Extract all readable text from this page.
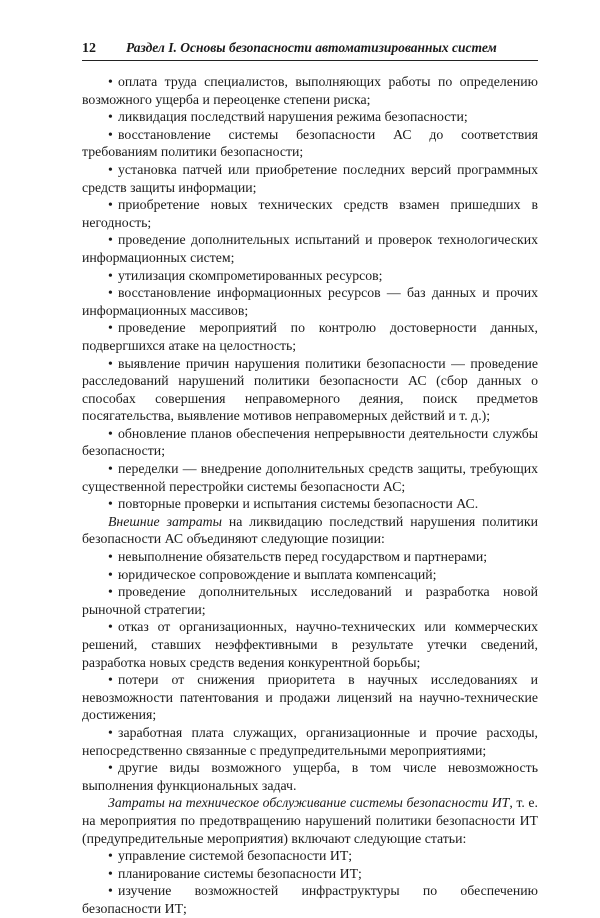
12	Раздел I. Основы безопасности автоматизированных систем

• оплата труда специалистов, выполняющих работы по определению возможного ущерба и переоценке степени риска;

• ликвидация последствий нарушения режима безопасности;

• восстановление системы безопасности АС до соответствия требованиям политики безопасности;

• установка патчей или приобретение последних версий программных средств защиты информации;

• приобретение новых технических средств взамен пришедших в негодность;

• проведение дополнительных испытаний и проверок технологических информационных систем;

• утилизация скомпрометированных ресурсов;

• восстановление информационных ресурсов — баз данных и прочих информационных массивов;

• проведение мероприятий по контролю достоверности данных, подвергшихся атаке на целостность;

• выявление причин нарушения политики безопасности — проведение расследований нарушений политики безопасности АС (сбор данных о способах совершения неправомерного деяния, поиск предметов посягательства, выявление мотивов неправомерных действий и т. д.);

• обновление планов обеспечения непрерывности деятельности службы безопасности;

• переделки — внедрение дополнительных средств защиты, требующих существенной перестройки системы безопасности АС;

• повторные проверки и испытания системы безопасности АС.

Внешние затраты на ликвидацию последствий нарушения политики безопасности АС объединяют следующие позиции:

• невыполнение обязательств перед государством и партнерами;

• юридическое сопровождение и выплата компенсаций;

• проведение дополнительных исследований и разработка новой рыночной стратегии;

• отказ от организационных, научно-технических или коммерческих решений, ставших неэффективными в результате утечки сведений, разработка новых средств ведения конкурентной борьбы;

• потери от снижения приоритета в научных исследованиях и невозможности патентования и продажи лицензий на научно-технические достижения;

• заработная плата служащих, организационные и прочие расходы, непосредственно связанные с предупредительными мероприятиями;

• другие виды возможного ущерба, в том числе невозможность выполнения функциональных задач.

Затраты на техническое обслуживание системы безопасности ИТ, т. е. на мероприятия по предотвращению нарушений политики безопасности ИТ (предупредительные мероприятия) включают следующие статьи:

• управление системой безопасности ИТ;

• планирование системы безопасности ИТ;

• изучение возможностей инфраструктуры по обеспечению безопасности ИТ;
